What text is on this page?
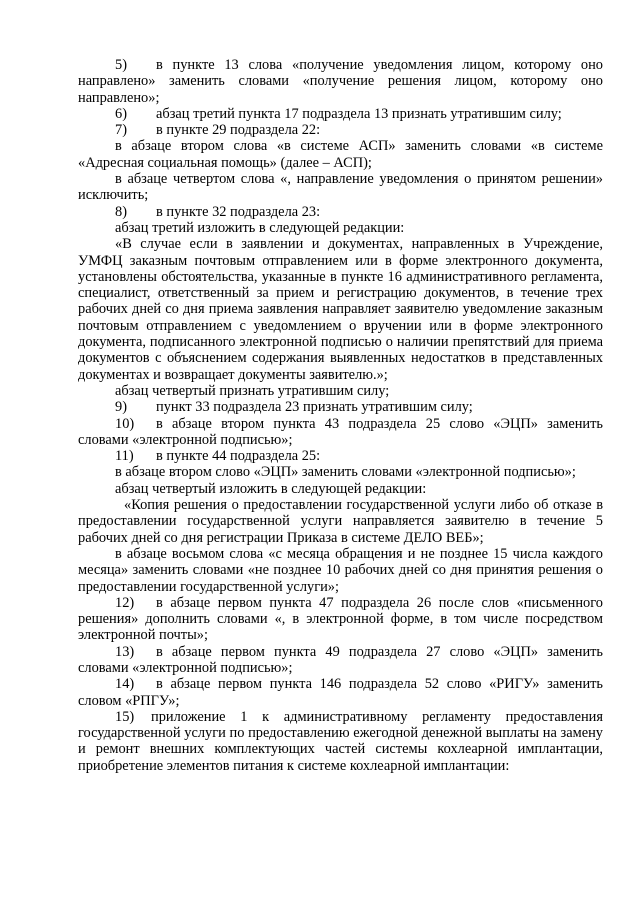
5) в пункте 13 слова «получение уведомления лицом, которому оно направлено» заменить словами «получение решения лицом, которому оно направлено»;

6) абзац третий пункта 17 подраздела 13 признать утратившим силу;

7) в пункте 29 подраздела 22:

в абзаце втором слова «в системе АСП» заменить словами «в системе «Адресная социальная помощь» (далее – АСП);

в абзаце четвертом слова «, направление уведомления о принятом решении» исключить;

8) в пункте 32 подраздела 23:

абзац третий изложить в следующей редакции:

«В случае если в заявлении и документах, направленных в Учреждение, УМФЦ заказным почтовым отправлением или в форме электронного документа, установлены обстоятельства, указанные в пункте 16 административного регламента, специалист, ответственный за прием и регистрацию документов, в течение трех рабочих дней со дня приема заявления направляет заявителю уведомление заказным почтовым отправлением с уведомлением о вручении или в форме электронного документа, подписанного электронной подписью о наличии препятствий для приема документов с объяснением содержания выявленных недостатков в представленных документах и возвращает документы заявителю.»;

абзац четвертый признать утратившим силу;

9) пункт 33 подраздела 23 признать утратившим силу;

10) в абзаце втором пункта 43 подраздела 25 слово «ЭЦП» заменить словами «электронной подписью»;

11) в пункте 44 подраздела 25:

в абзаце втором слово «ЭЦП» заменить словами «электронной подписью»;

абзац четвертый изложить в следующей редакции:

«Копия решения о предоставлении государственной услуги либо об отказе в предоставлении государственной услуги направляется заявителю в течение 5 рабочих дней со дня регистрации Приказа в системе ДЕЛО ВЕБ»;

в абзаце восьмом слова «с месяца обращения и не позднее 15 числа каждого месяца» заменить словами «не позднее 10 рабочих дней со дня принятия решения о предоставлении государственной услуги»;

12) в абзаце первом пункта 47 подраздела 26 после слов «письменного решения» дополнить словами «, в электронной форме, в том числе посредством электронной почты»;

13) в абзаце первом пункта 49 подраздела 27 слово «ЭЦП» заменить словами «электронной подписью»;

14) в абзаце первом пункта 146 подраздела 52 слово «РИГУ» заменить словом «РПГУ»;

15) приложение 1 к административному регламенту предоставления государственной услуги по предоставлению ежегодной денежной выплаты на замену и ремонт внешних комплектующих частей системы кохлеарной имплантации, приобретение элементов питания к системе кохлеарной имплантации:
